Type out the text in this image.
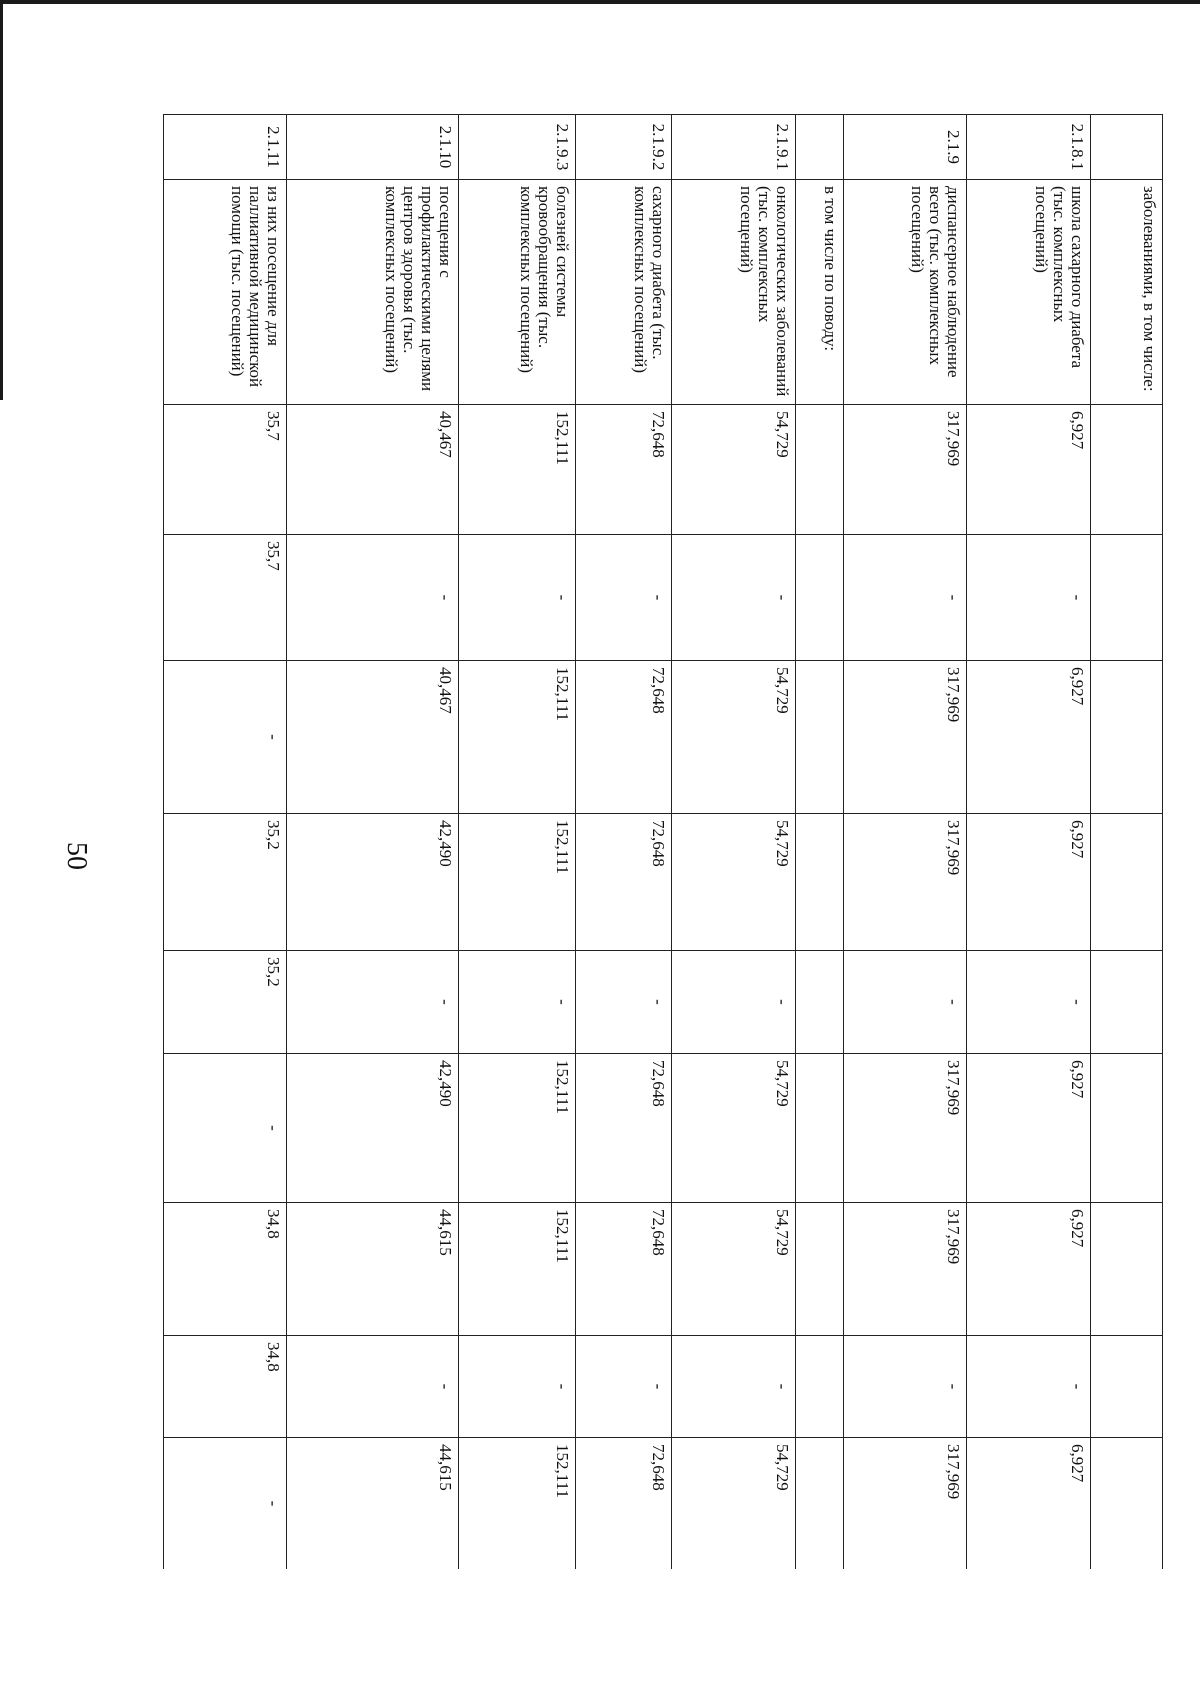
50
	заболеваниями, в том числе:									
2.1.8.1	школа сахарного диабета (тыс. комплексных посещений)	6,927	-	6,927	6,927	-	6,927	6,927	-	6,927
2.1.9	диспансерное наблюдение всего (тыс. комплексных посещений)	317,969	-	317,969	317,969	-	317,969	317,969	-	317,969
	в том числе по поводу:									
2.1.9.1	онкологических заболеваний (тыс. комплексных посещений)	54,729	-	54,729	54,729	-	54,729	54,729	-	54,729
2.1.9.2	сахарного диабета (тыс. комплексных посещений)	72,648	-	72,648	72,648	-	72,648	72,648	-	72,648
2.1.9.3	болезней системы кровообращения (тыс. комплексных посещений)	152,111	-	152,111	152,111	-	152,111	152,111	-	152,111
2.1.10	посещения с профилактическими целями центров здоровья (тыс. комплексных посещений)	40,467	-	40,467	42,490	-	42,490	44,615	-	44,615
2.1.11	из них посещение для паллиативной медицинской помощи (тыс. посещений)	35,7	35,7	-	35,2	35,2	-	34,8	34,8	-
